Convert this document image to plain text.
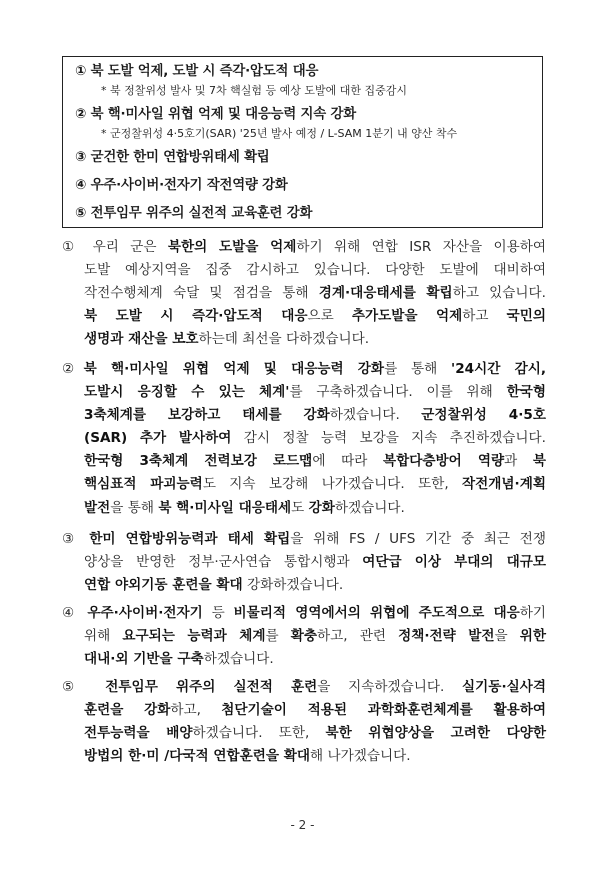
① 북 도발 억제, 도발 시 즉각·압도적 대응
* 북 정찰위성 발사 및 7차 핵실험 등 예상 도발에 대한 집중감시
② 북 핵·미사일 위협 억제 및 대응능력 지속 강화
* 군정찰위성 4·5호기(SAR) '25년 발사 예정 / L-SAM 1분기 내 양산 착수
③ 굳건한 한미 연합방위태세 확립
④ 우주·사이버·전자기 작전역량 강화
⑤ 전투임무 위주의 실전적 교육훈련 강화
① 우리 군은 북한의 도발을 억제하기 위해 연합 ISR 자산을 이용하여
도발 예상지역을 집중 감시하고 있습니다. 다양한 도발에 대비하여
작전수행체계 숙달 및 점검을 통해 경계·대응태세를 확립하고 있습니다.
북 도발 시 즉각·압도적 대응으로 추가도발을 억제하고 국민의
생명과 재산을 보호하는데 최선을 다하겠습니다.
②북 핵·미사일 위협 억제 및 대응능력 강화를 통해 '24시간 감시,
도발시 응징할 수 있는 체계'를 구축하겠습니다. 이를 위해 한국형
3축체계를 보강하고 태세를 강화하겠습니다. 군정찰위성 4·5호
(SAR) 추가 발사하여 감시 정찰 능력 보강을 지속 추진하겠습니다.
한국형 3축체계 전력보강 로드맵에 따라 복합다층방어 역량과 북
핵심표적 파괴능력도 지속 보강해 나가겠습니다. 또한, 작전개념·계획
발전을 통해 북 핵·미사일 대응태세도 강화하겠습니다.
③ 한미 연합방위능력과 태세 확립을 위해 FS / UFS 기간 중 최근 전쟁
양상을 반영한 정부·군사연습 통합시행과 여단급 이상 부대의 대규모
연합 야외기동 훈련을 확대 강화하겠습니다.
④ 우주·사이버·전자기 등 비물리적 영역에서의 위협에 주도적으로 대응하기
위해 요구되는 능력과 체계를 확충하고, 관련 정책·전략 발전을 위한
대내·외 기반을 구축하겠습니다.
⑤ 전투임무 위주의 실전적 훈련을 지속하겠습니다. 실기동·실사격
훈련을 강화하고, 첨단기술이 적용된 과학화훈련체계를 활용하여
전투능력을 배양하겠습니다. 또한, 북한 위협양상을 고려한 다양한
방법의 한·미 /다국적 연합훈련을 확대해 나가겠습니다.
- 2 -
